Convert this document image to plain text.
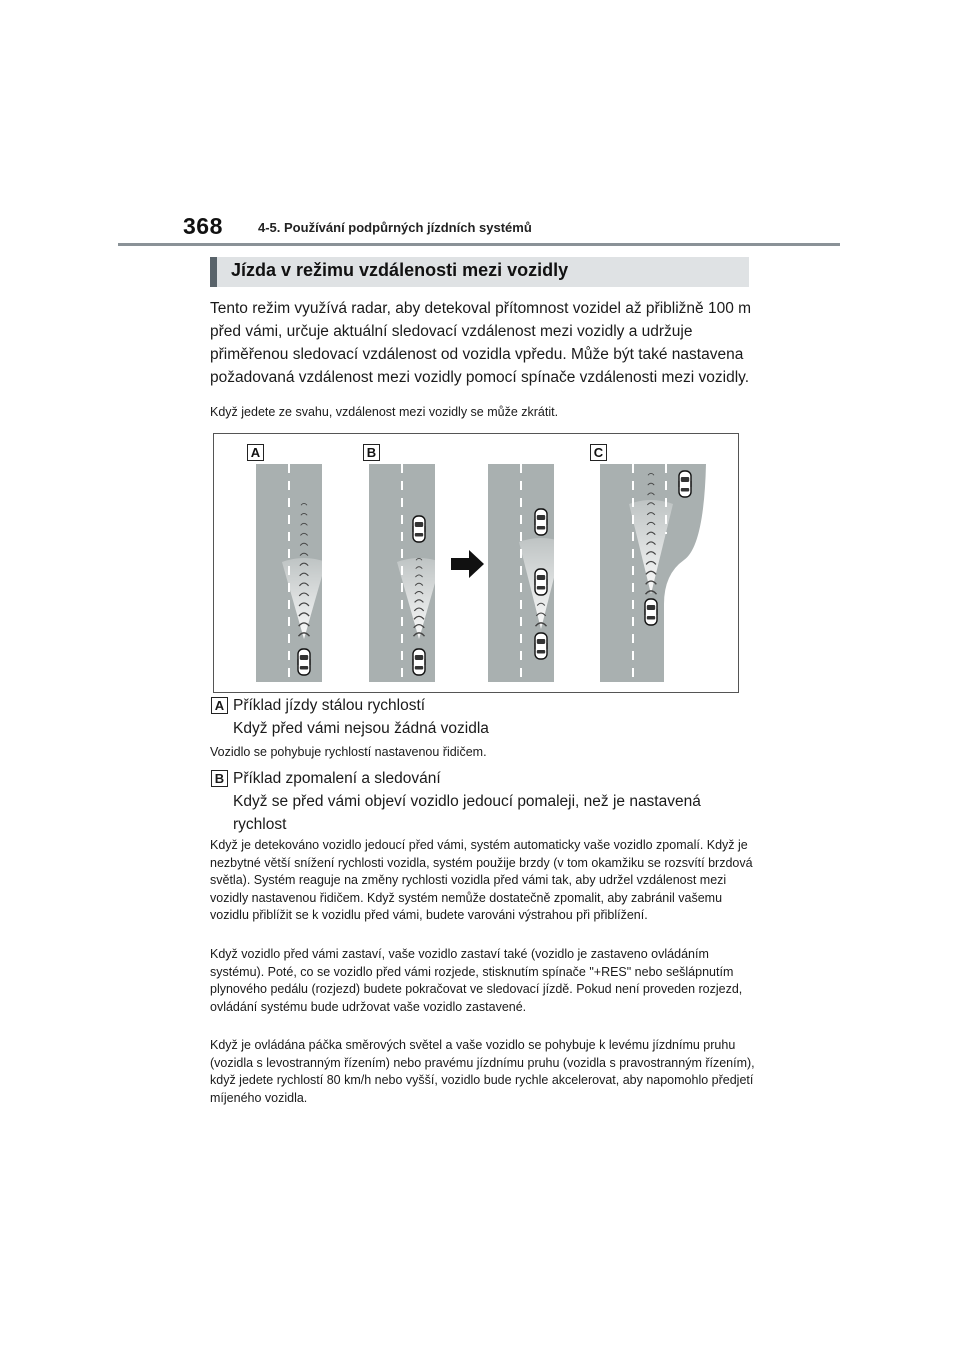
368	4-5. Používání podpůrných jízdních systémů
Jízda v režimu vzdálenosti mezi vozidly

Tento režim využívá radar, aby detekoval přítomnost vozidel až přibližně 100 m před vámi, určuje aktuální sledovací vzdálenost mezi vozidly a udržuje přiměřenou sledovací vzdálenost od vozidla vpředu. Může být také nastavena požadovaná vzdálenost mezi vozidly pomocí spínače vzdálenosti mezi vozidly.

Když jedete ze svahu, vzdálenost mezi vozidly se může zkrátit.

A	B	C
A Příklad jízdy stálou rychlostí
Když před vámi nejsou žádná vozidla

Vozidlo se pohybuje rychlostí nastavenou řidičem.

B Příklad zpomalení a sledování
Když se před vámi objeví vozidlo jedoucí pomaleji, než je nastavená rychlost

Když je detekováno vozidlo jedoucí před vámi, systém automaticky vaše vozidlo zpomalí. Když je nezbytné větší snížení rychlosti vozidla, systém použije brzdy (v tom okamžiku se rozsvítí brzdová světla). Systém reaguje na změny rychlosti vozidla před vámi tak, aby udržel vzdálenost mezi vozidly nastavenou řidičem. Když systém nemůže dostatečně zpomalit, aby zabránil vašemu vozidlu přiblížit se k vozidlu před vámi, budete varováni výstrahou při přiblížení.

Když vozidlo před vámi zastaví, vaše vozidlo zastaví také (vozidlo je zastaveno ovládáním systému). Poté, co se vozidlo před vámi rozjede, stisknutím spínače "+RES" nebo sešlápnutím plynového pedálu (rozjezd) budete pokračovat ve sledovací jízdě. Pokud není proveden rozjezd, ovládání systému bude udržovat vaše vozidlo zastavené.

Když je ovládána páčka směrových světel a vaše vozidlo se pohybuje k levému jízdnímu pruhu (vozidla s levostranným řízením) nebo pravému jízdnímu pruhu (vozidla s pravostranným řízením), když jedete rychlostí 80 km/h nebo vyšší, vozidlo bude rychle akcelerovat, aby napomohlo předjetí míjeného vozidla.
